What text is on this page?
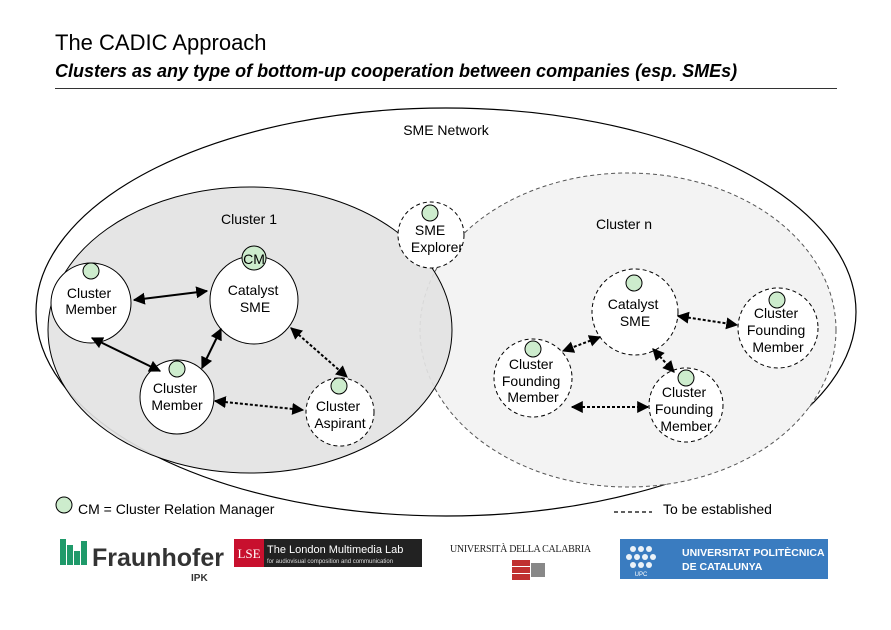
The CADIC Approach
Clusters as any type of bottom-up cooperation between companies (esp. SMEs)
SME Network
Cluster 1	Cluster n
CM
SME Explorer
Catalyst SME
Cluster Member
Cluster Member	Cluster Aspirant
Catalyst SME	Cluster Founding Member
Cluster Founding Member	Cluster Founding Member
CM = Cluster Relation Manager	To be established
Fraunhofer
IPK
LSE The London Multimedia Lab
for audiovisual composition and communication
UNIVERSITÀ DELLA CALABRIA
UPC
UNIVERSITAT POLITÈCNICA
DE CATALUNYA
